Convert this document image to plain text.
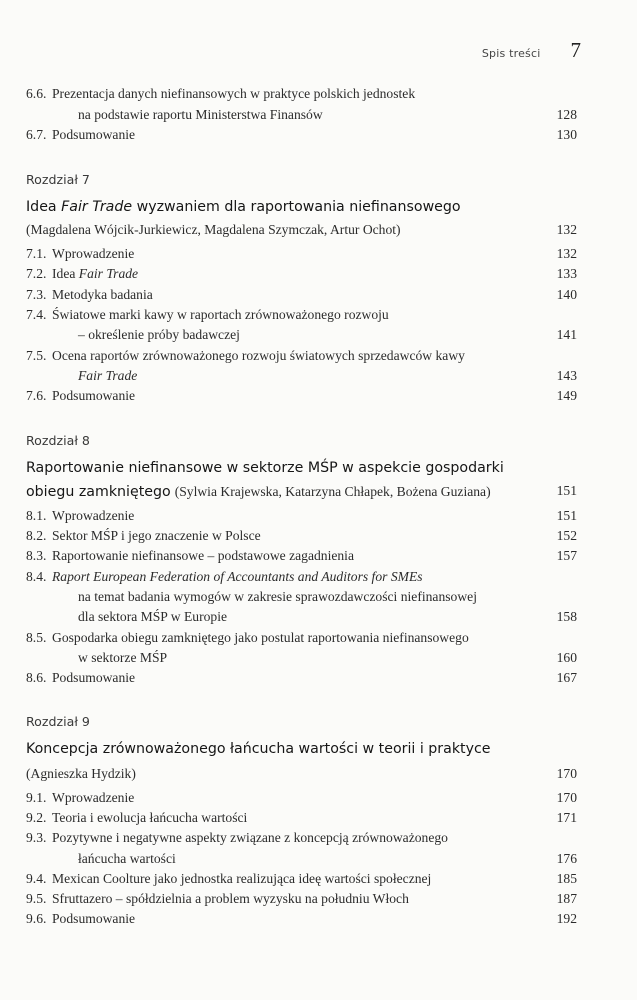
Spis treści 7
6.6. Prezentacja danych niefinansowych w praktyce polskich jednostek
na podstawie raportu Ministerstwa Finansów	128
6.7. Podsumowanie	130
Rozdział 7
Idea Fair Trade wyzwaniem dla raportowania niefinansowego
(Magdalena Wójcik-Jurkiewicz, Magdalena Szymczak, Artur Ochot)	132
7.1. Wprowadzenie	132
7.2. Idea Fair Trade	133
7.3. Metodyka badania	140
7.4. Światowe marki kawy w raportach zrównoważonego rozwoju
– określenie próby badawczej	141
7.5. Ocena raportów zrównoważonego rozwoju światowych sprzedawców kawy
Fair Trade	143
7.6. Podsumowanie	149
Rozdział 8
Raportowanie niefinansowe w sektorze MŚP w aspekcie gospodarki
obiegu zamkniętego (Sylwia Krajewska, Katarzyna Chłapek, Bożena Guziana)	151
8.1. Wprowadzenie	151
8.2. Sektor MŚP i jego znaczenie w Polsce	152
8.3. Raportowanie niefinansowe – podstawowe zagadnienia	157
8.4. Raport European Federation of Accountants and Auditors for SMEs
na temat badania wymogów w zakresie sprawozdawczości niefinansowej
dla sektora MŚP w Europie	158
8.5. Gospodarka obiegu zamkniętego jako postulat raportowania niefinansowego
w sektorze MŚP	160
8.6. Podsumowanie	167
Rozdział 9
Koncepcja zrównoważonego łańcucha wartości w teorii i praktyce
(Agnieszka Hydzik)	170
9.1. Wprowadzenie	170
9.2. Teoria i ewolucja łańcucha wartości	171
9.3. Pozytywne i negatywne aspekty związane z koncepcją zrównoważonego
łańcucha wartości	176
9.4. Mexican Coolture jako jednostka realizująca ideę wartości społecznej	185
9.5. Sfruttazero – spółdzielnia a problem wyzysku na południu Włoch	187
9.6. Podsumowanie	192
